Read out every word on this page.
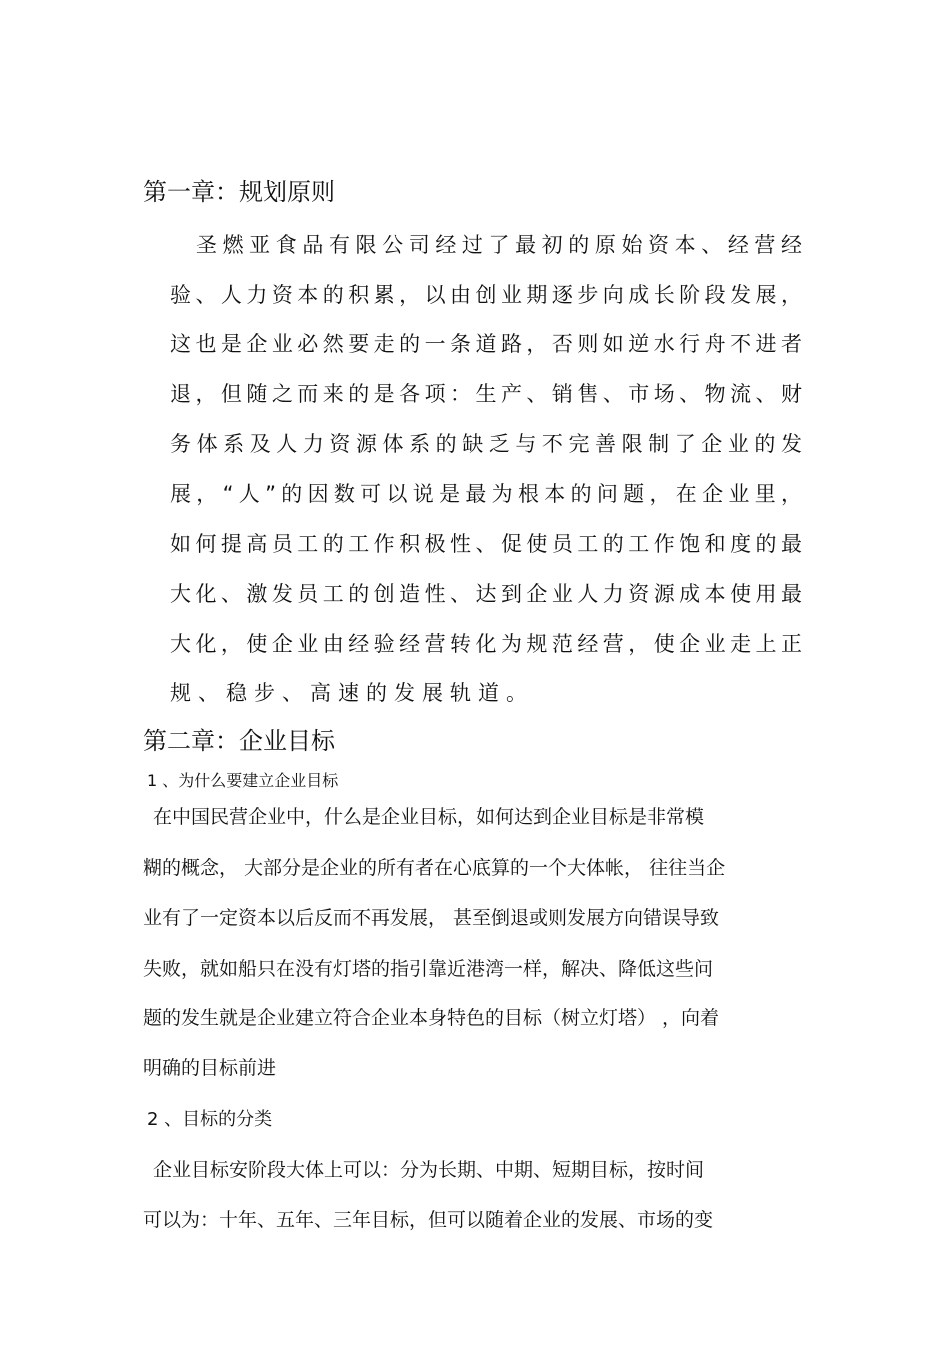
第一章：规划原则
圣燃亚食品有限公司经过了最初的原始资本、经营经
验、人力资本的积累，以由创业期逐步向成长阶段发展，
这也是企业必然要走的一条道路，否则如逆水行舟不进者
退，但随之而来的是各项：生产、销售、市场、物流、财
务体系及人力资源体系的缺乏与不完善限制了企业的发
展，“人”的因数可以说是最为根本的问题，在企业里，
如何提高员工的工作积极性、促使员工的工作饱和度的最
大化、激发员工的创造性、达到企业人力资源成本使用最
大化，使企业由经验经营转化为规范经营，使企业走上正
规、稳步、高速的发展轨道。
第二章：企业目标
1 、为什么要建立企业目标
在中国民营企业中，什么是企业目标，如何达到企业目标是非常模
糊的概念， 大部分是企业的所有者在心底算的一个大体帐， 往往当企
业有了一定资本以后反而不再发展， 甚至倒退或则发展方向错误导致
失败，就如船只在没有灯塔的指引靠近港湾一样，解决、降低这些问
题的发生就是企业建立符合企业本身特色的目标（树立灯塔） ，向着
明确的目标前进
2 、目标的分类
企业目标安阶段大体上可以：分为长期、中期、短期目标，按时间
可以为：十年、五年、三年目标，但可以随着企业的发展、市场的变
